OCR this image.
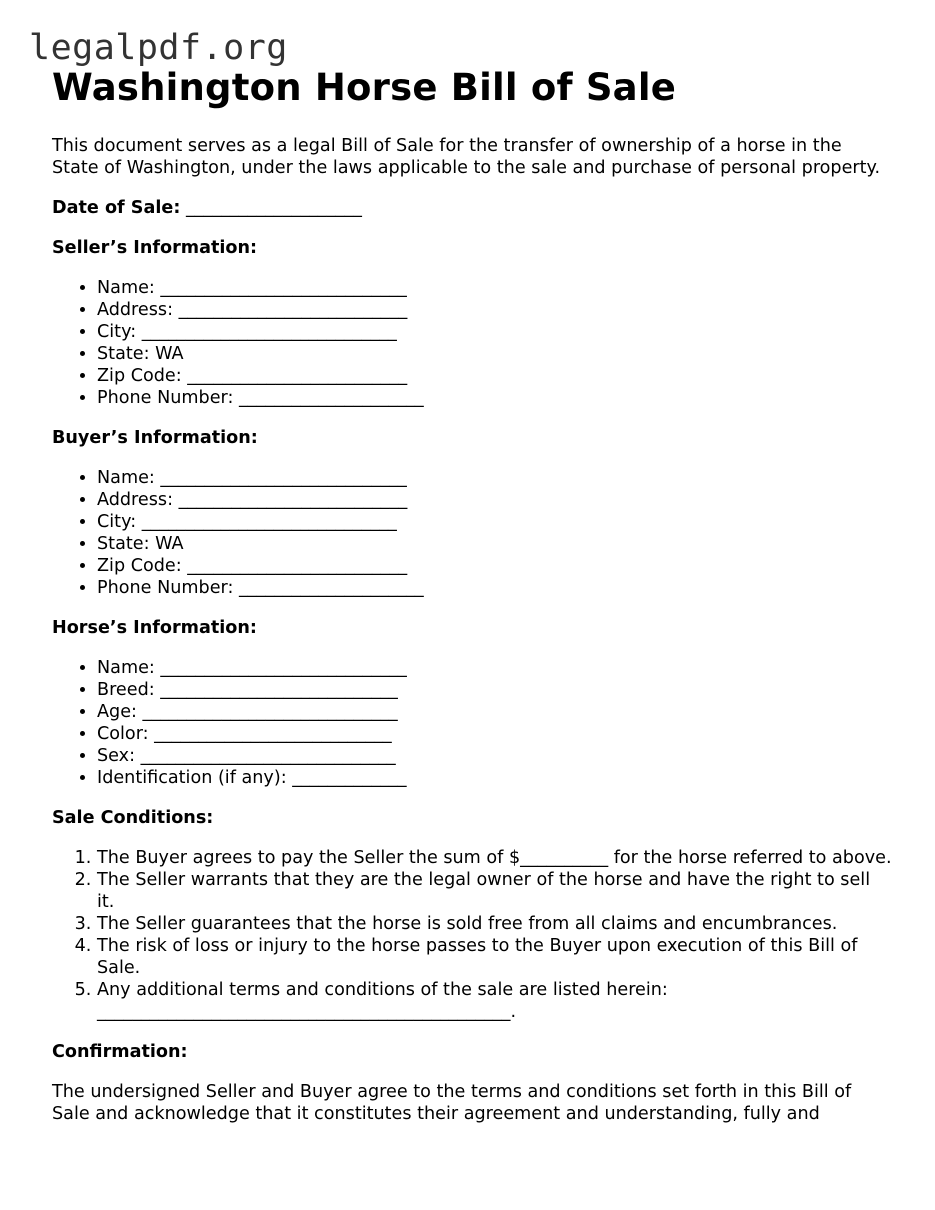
legalpdf.org
Washington Horse Bill of Sale

This document serves as a legal Bill of Sale for the transfer of ownership of a horse in the State of Washington, under the laws applicable to the sale and purchase of personal property.

Date of Sale: ____________________
Seller’s Information:
• Name: ____________________________
• Address: __________________________
• City: _____________________________
• State: WA
• Zip Code: _________________________
• Phone Number: _____________________
Buyer’s Information:
• Name: ____________________________
• Address: __________________________
• City: _____________________________
• State: WA
• Zip Code: _________________________
• Phone Number: _____________________
Horse’s Information:
• Name: ____________________________
• Breed: ___________________________
• Age: _____________________________
• Color: ___________________________
• Sex: _____________________________
• Identification (if any): _____________
Sale Conditions:
1. The Buyer agrees to pay the Seller the sum of $__________ for the horse referred to above.
2. The Seller warrants that they are the legal owner of the horse and have the right to sell it.
3. The Seller guarantees that the horse is sold free from all claims and encumbrances.
4. The risk of loss or injury to the horse passes to the Buyer upon execution of this Bill of Sale.
5. Any additional terms and conditions of the sale are listed herein: _______________________________________________.
Confirmation:

The undersigned Seller and Buyer agree to the terms and conditions set forth in this Bill of Sale and acknowledge that it constitutes their agreement and understanding, fully and
